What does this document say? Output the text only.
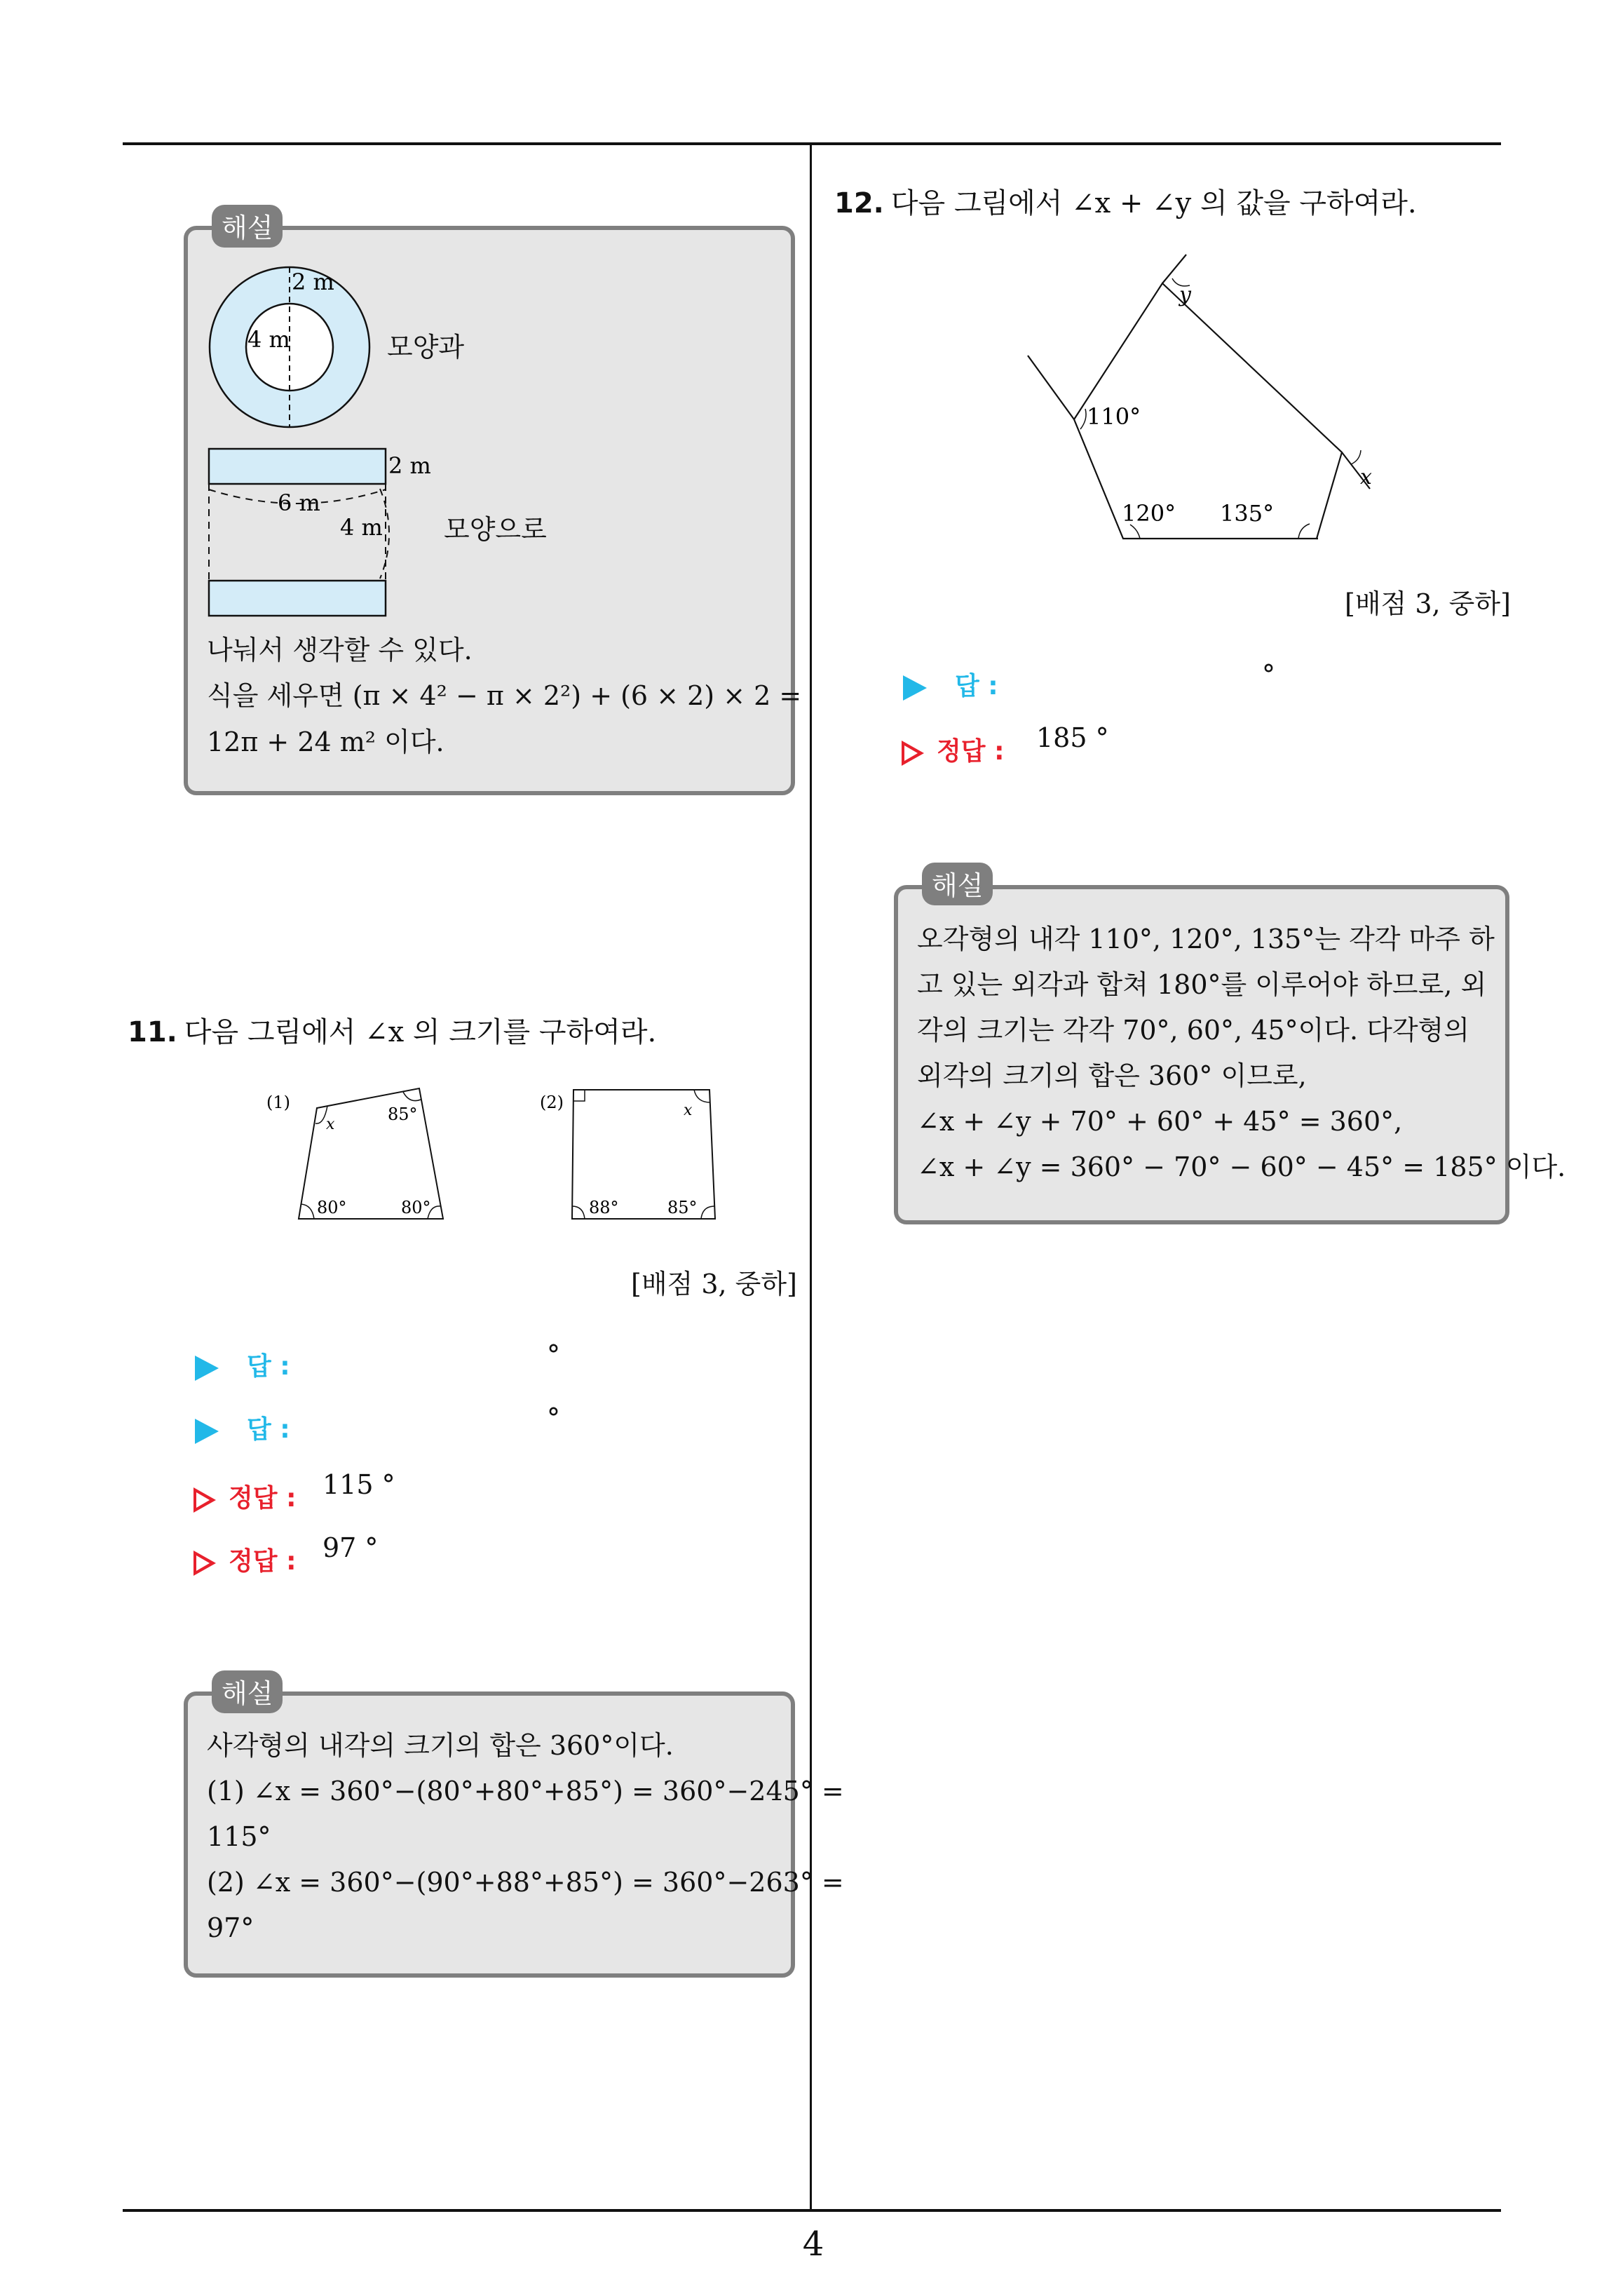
4
해설
2 m
4 m
2 m
6 m
4 m
모양과
모양으로
나눠서 생각할 수 있다.
식을 세우면 (π × 4² − π × 2²) + (6 × 2) × 2 =
12π + 24 m² 이다.
11. 다음 그림에서 ∠x 의 크기를 구하여라.
(1)
x
85°
80°	80°
(2)	x
88°	85°
[배점 3, 중하]
답 :	°
답 :	°
정답 : 115 °
정답 : 97 °
해설
사각형의 내각의 크기의 합은 360°이다.
(1) ∠x = 360°−(80°+80°+85°) = 360°−245° =
115°
(2) ∠x = 360°−(90°+88°+85°) = 360°−263° =
97°
12. 다음 그림에서 ∠x + ∠y 의 값을 구하여라.
y
x
110°
120° 135°
[배점 3, 중하]
답 :	°
정답 : 185 °
해설
오각형의 내각 110°, 120°, 135°는 각각 마주 하
고 있는 외각과 합쳐 180°를 이루어야 하므로, 외
각의 크기는 각각 70°, 60°, 45°이다. 다각형의
외각의 크기의 합은 360° 이므로,
∠x + ∠y + 70° + 60° + 45° = 360°,
∠x + ∠y = 360° − 70° − 60° − 45° = 185° 이다.
